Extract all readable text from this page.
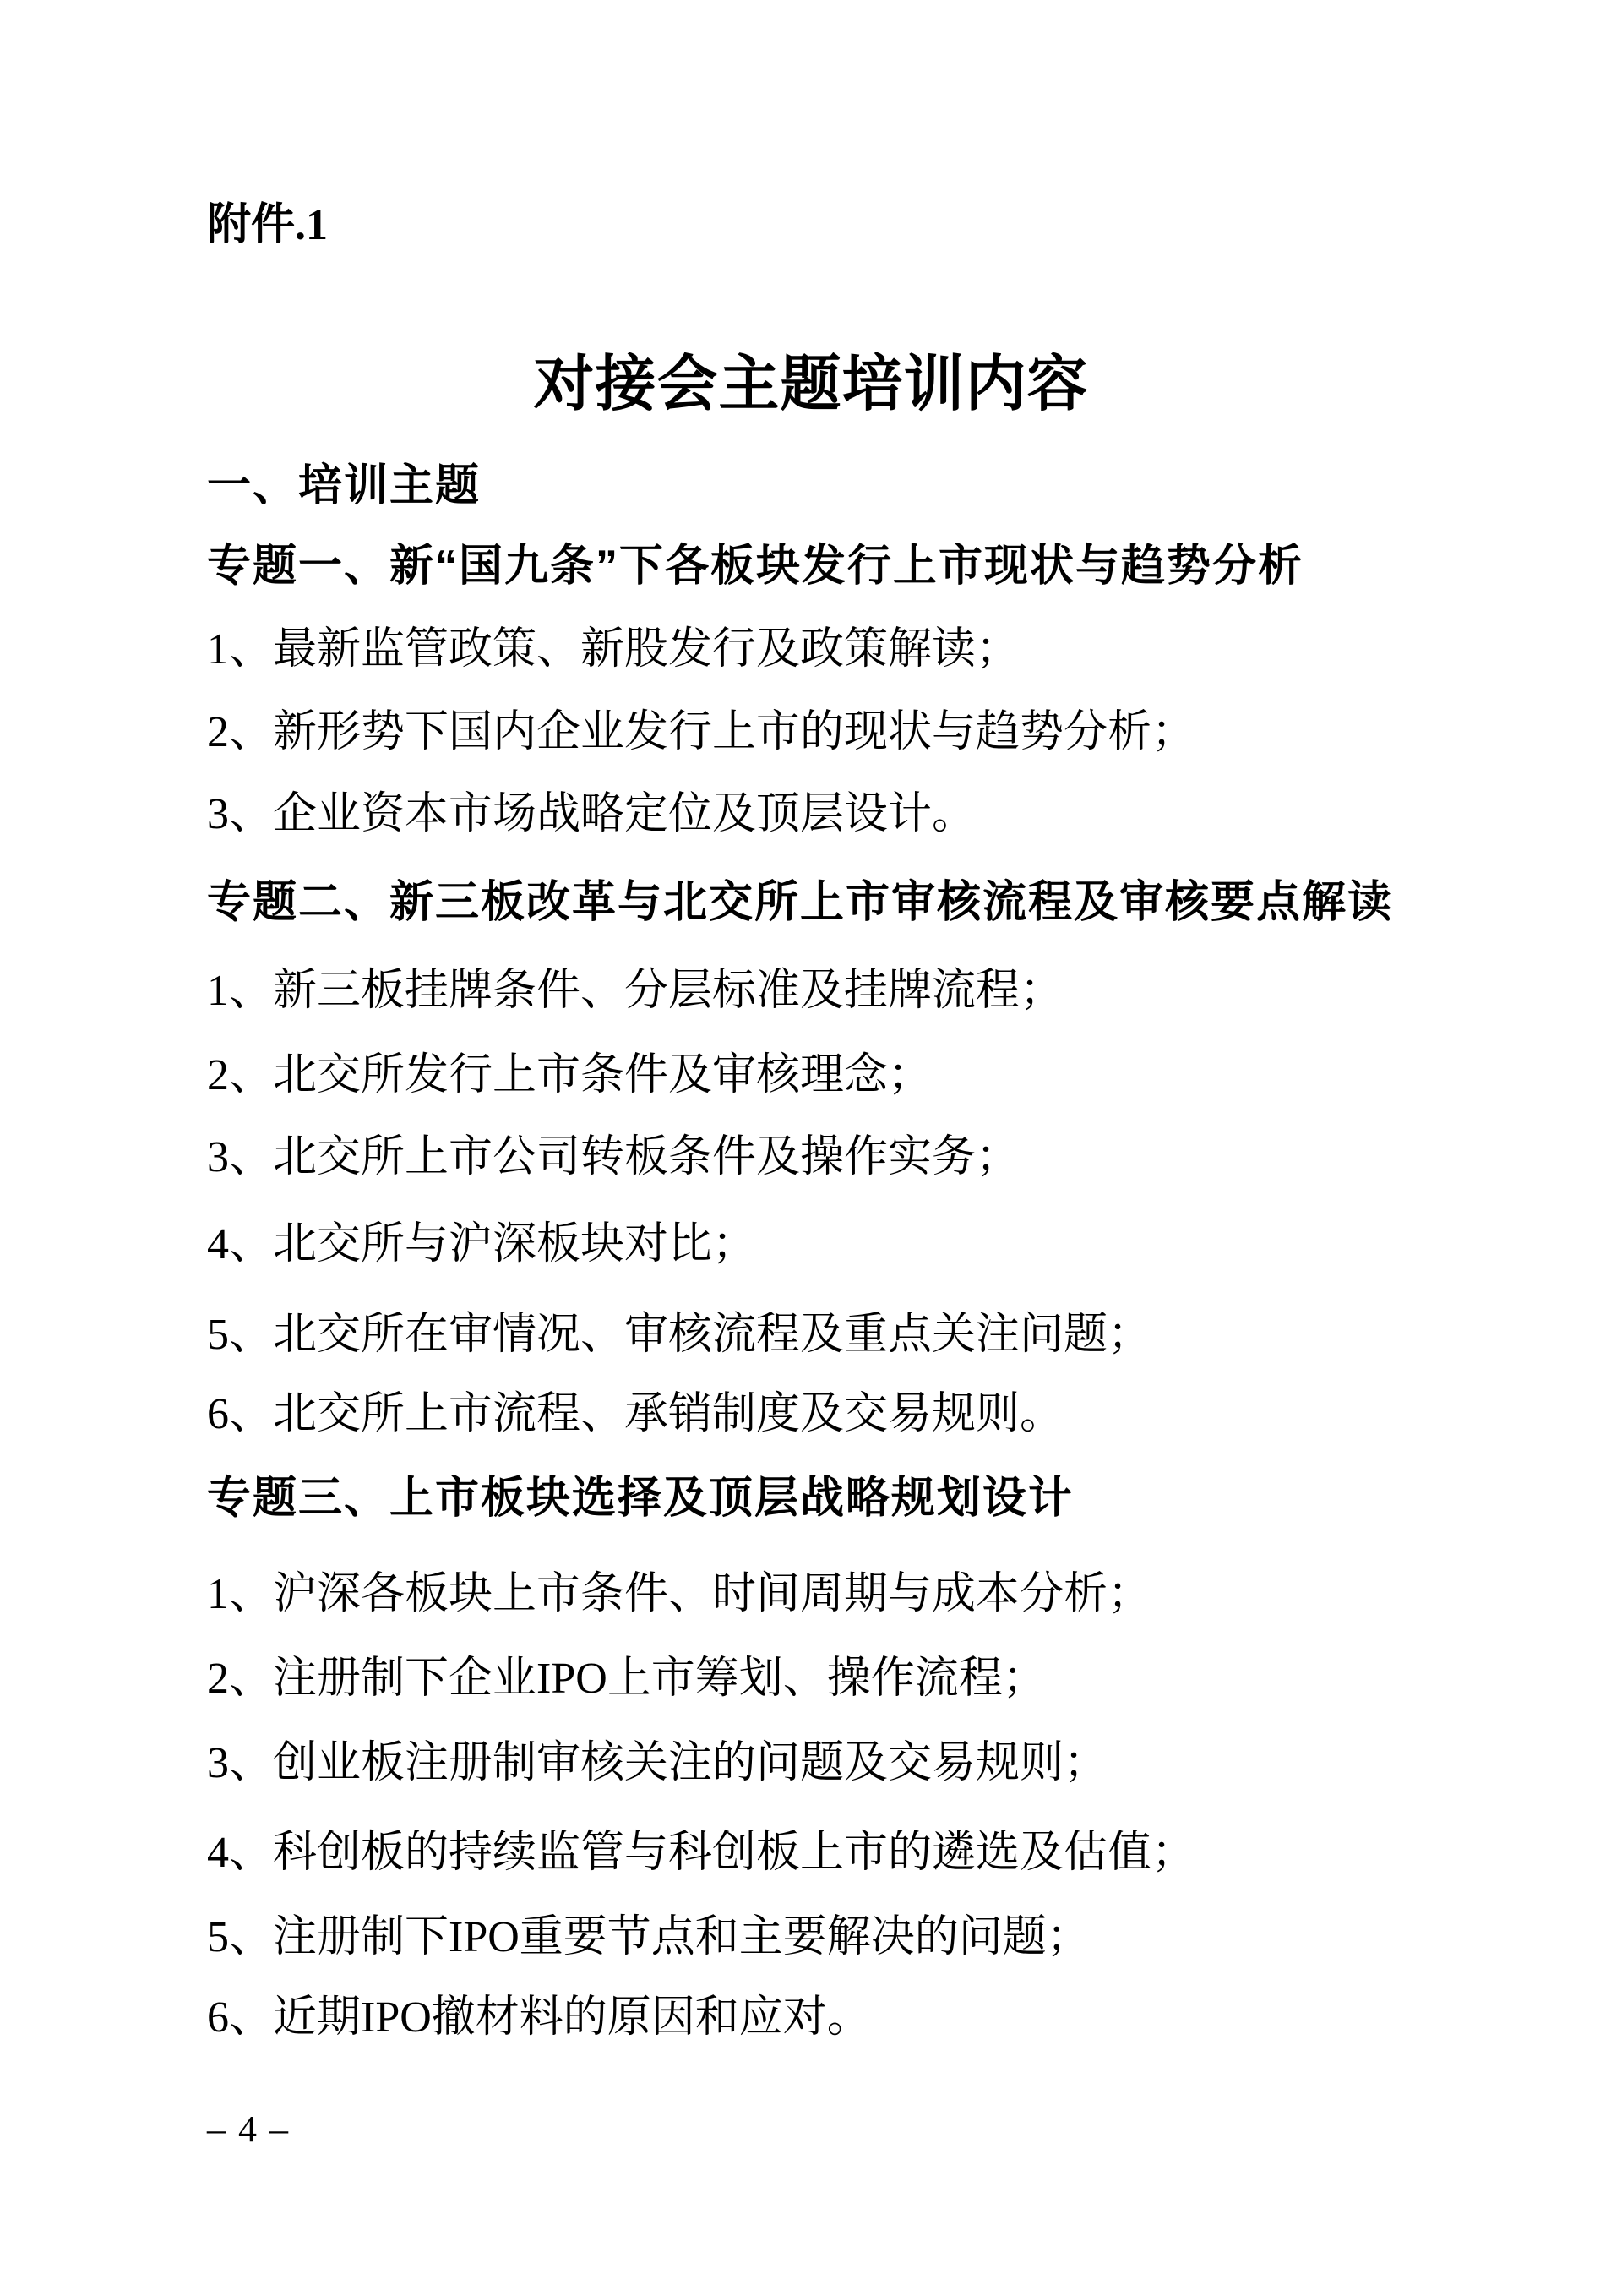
附件.1
对接会主题培训内容
一、培训主题
专题一、新“国九条”下各板块发行上市现状与趋势分析
1、最新监管政策、新股发行及政策解读；
2、新形势下国内企业发行上市的现状与趋势分析；
3、企业资本市场战略定位及顶层设计。
专题二、新三板改革与北交所上市审核流程及审核要点解读
1、新三板挂牌条件、分层标准及挂牌流程；
2、北交所发行上市条件及审核理念；
3、北交所上市公司转板条件及操作实务；
4、北交所与沪深板块对比；
5、北交所在审情况、审核流程及重点关注问题；
6、北交所上市流程、承销制度及交易规则。
专题三、上市板块选择及顶层战略规划设计
1、沪深各板块上市条件、时间周期与成本分析；
2、注册制下企业IPO上市筹划、操作流程；
3、创业板注册制审核关注的问题及交易规则；
4、科创板的持续监管与科创板上市的遴选及估值；
5、注册制下IPO重要节点和主要解决的问题；
6、近期IPO撤材料的原因和应对。
– 4 –
